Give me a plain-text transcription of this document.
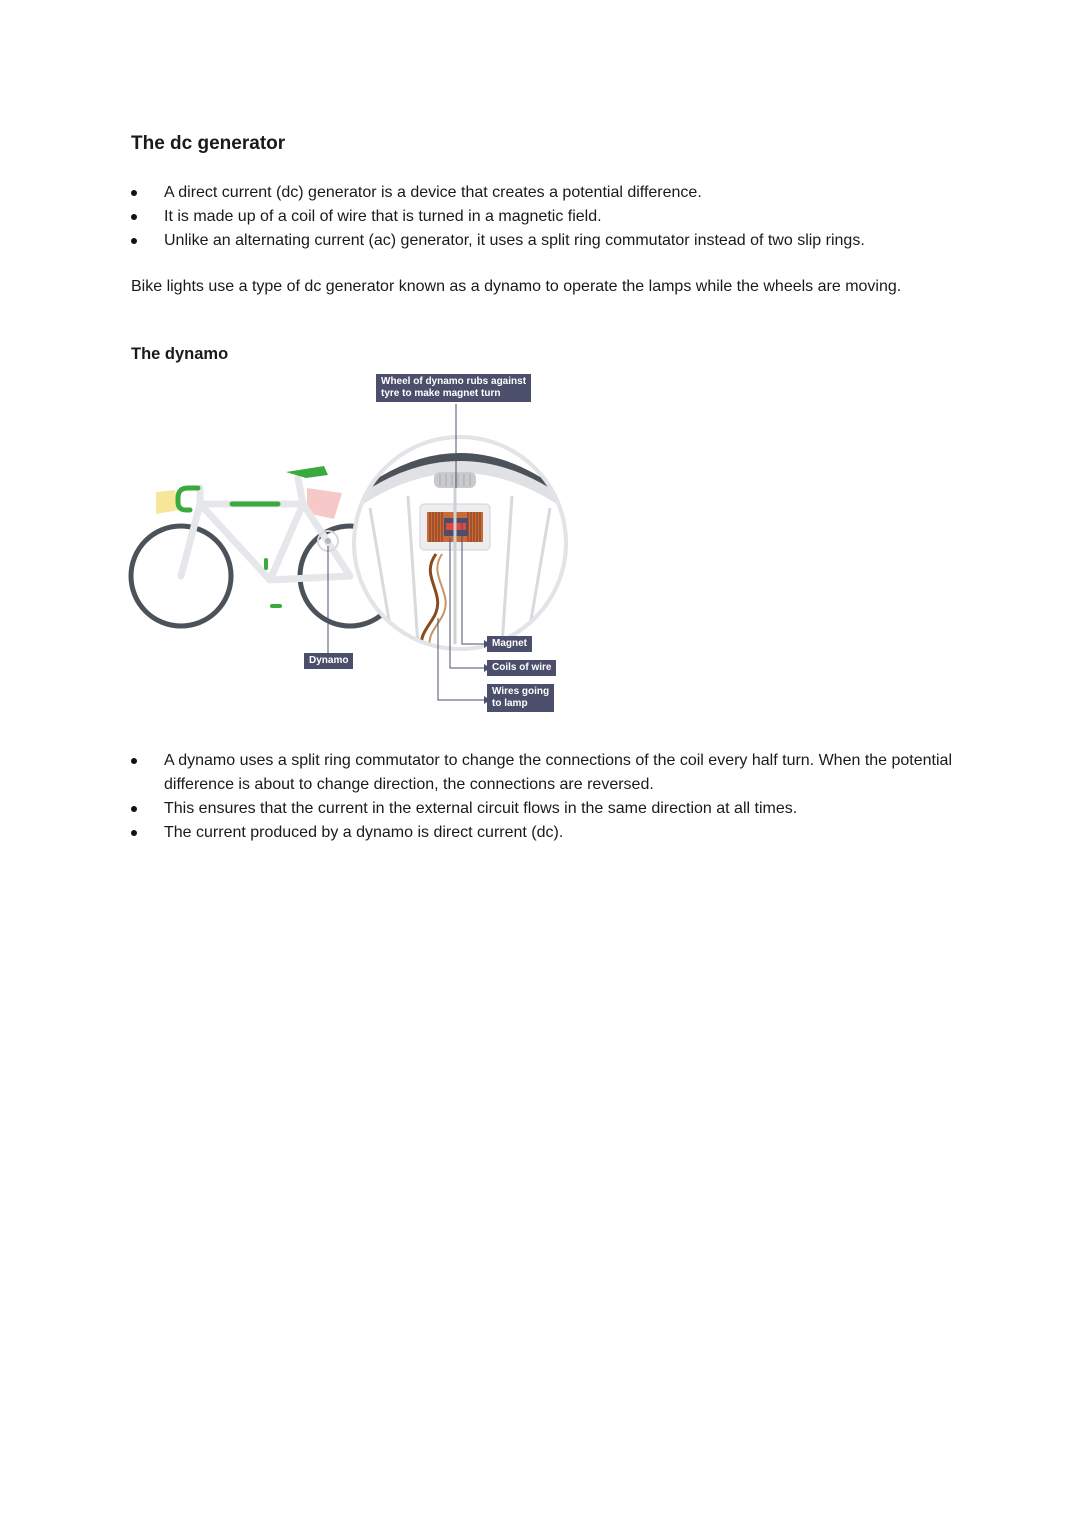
The dc generator
A direct current (dc) generator is a device that creates a potential difference.
It is made up of a coil of wire that is turned in a magnetic field.
Unlike an alternating current (ac) generator, it uses a split ring commutator instead of two slip rings.

Bike lights use a type of dc generator known as a dynamo to operate the lamps while the wheels are moving.

The dynamo
Wheel of dynamo rubs against
tyre to make magnet turn
Dynamo
Magnet
Coils of wire
Wires going
to lamp
A dynamo uses a split ring commutator to change the connections of the coil every half turn. When the potential difference is about to change direction, the connections are reversed.
This ensures that the current in the external circuit flows in the same direction at all times.
The current produced by a dynamo is direct current (dc).
